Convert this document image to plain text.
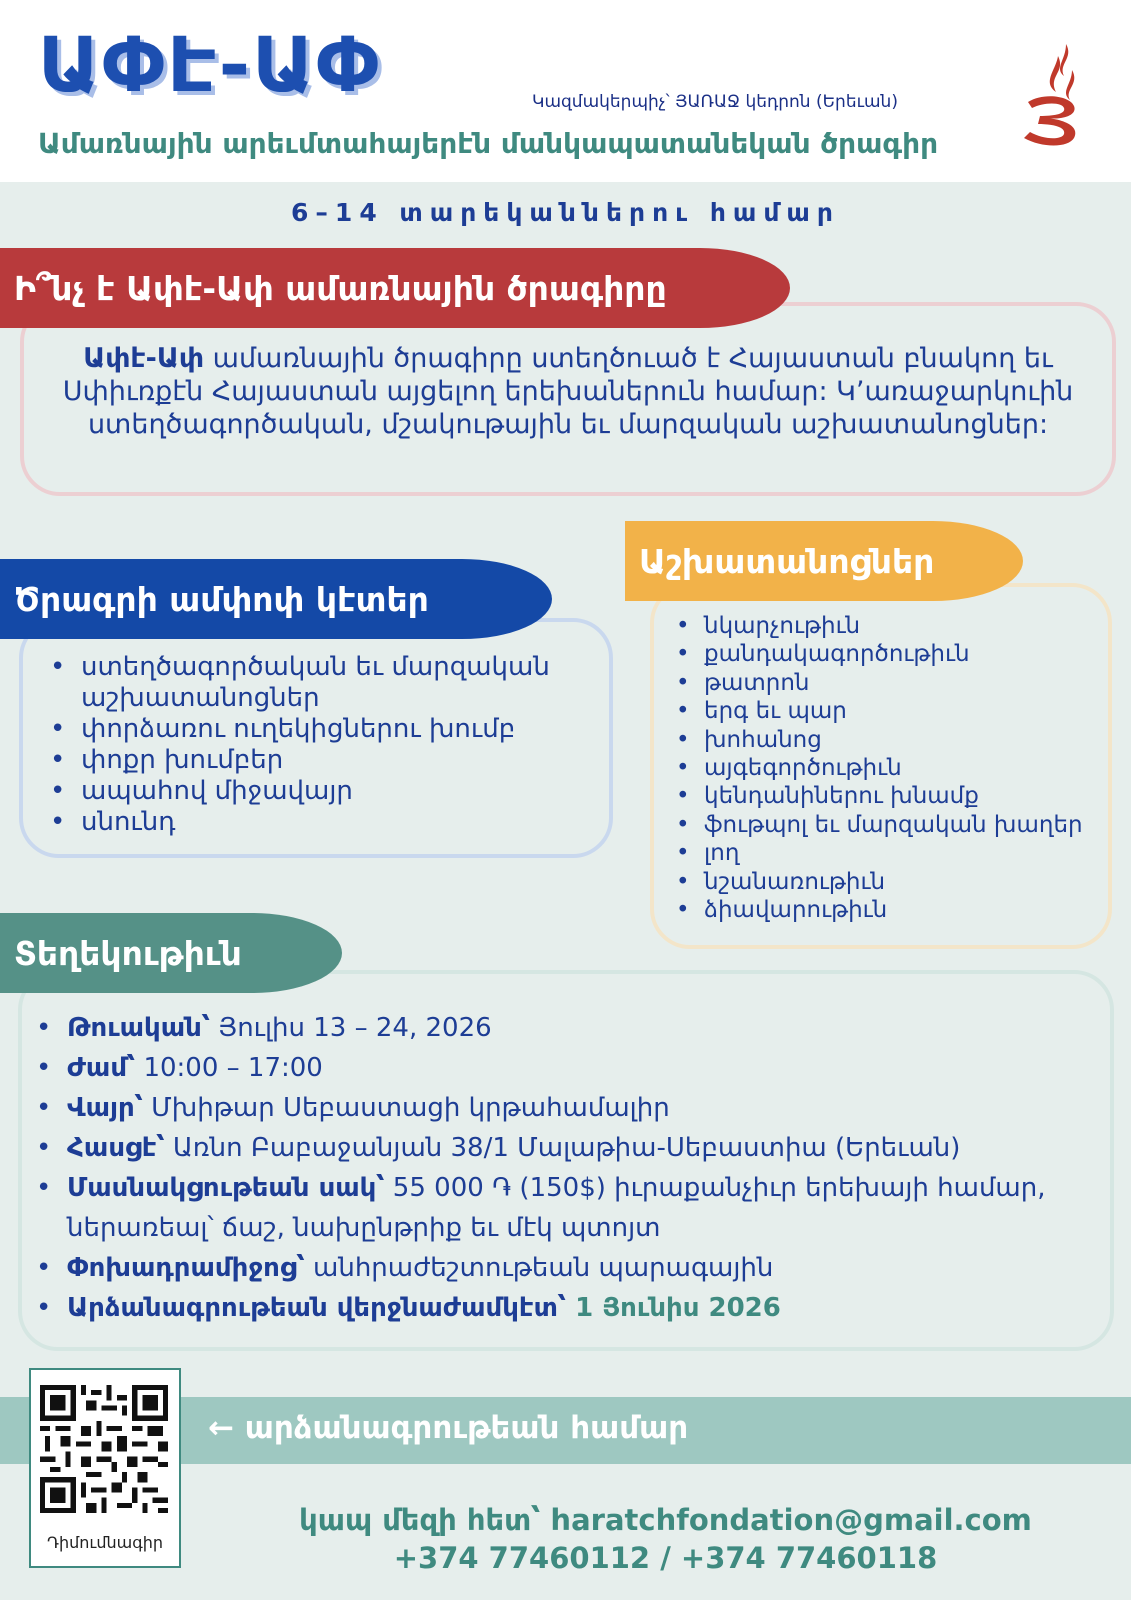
ԱՓԷ-ԱՓ	Կազմակերպիչ՝ ՅԱՌԱՋ կեդրոն (Երեւան)
Ամառնային արեւմտահայերէն մանկապատանեկան ծրագիր
6–14 տարեկաններու համար
Ի՞նչ է Ափէ-Ափ ամառնային ծրագիրը
Ափէ-Ափ ամառնային ծրագիրը ստեղծուած է Հայաստան բնակող եւ Սփիւռքէն Հայաստան այցելող երեխաներուն համար: Կ’առաջարկուին ստեղծագործական, մշակութային եւ մարզական աշխատանոցներ:
Ծրագրի ամփոփ կէտեր
• ստեղծագործական եւ մարզական աշխատանոցներ
• փորձառու ուղեկիցներու խումբ
• փոքր խումբեր
• ապահով միջավայր
• սնունդ
Աշխատանոցներ
• նկարչութիւն
• քանդակագործութիւն
• թատրոն
• երգ եւ պար
• խոհանոց
• այգեգործութիւն
• կենդանիներու խնամք
• ֆութպոլ եւ մարզական խաղեր
• լող
• նշանառութիւն
• ձիավարութիւն
Տեղեկութիւն
• Թուական՝ Յուլիս 13 – 24, 2026
• Ժամ՝ 10:00 – 17:00
• Վայր՝ Մխիթար Սեբաստացի կրթահամալիր
• Հասցէ՝ Առնո Բաբաջանյան 38/1 Մալաթիա-Սեբաստիա (Երեւան)
• Մասնակցութեան սակ՝ 55 000 ֏ (150$) իւրաքանչիւր երեխայի համար, ներառեալ՝ ճաշ, նախընթրիք եւ մէկ պտոյտ
• Փոխադրամիջոց՝ անհրաժեշտութեան պարագային
• Արձանագրութեան վերջնաժամկէտ՝ 1 Յունիս 2026
← արձանագրութեան համար
Դիմումնագիր
կապ մեզի հետ՝ haratchfondation@gmail.com
+374 77460112 / +374 77460118
